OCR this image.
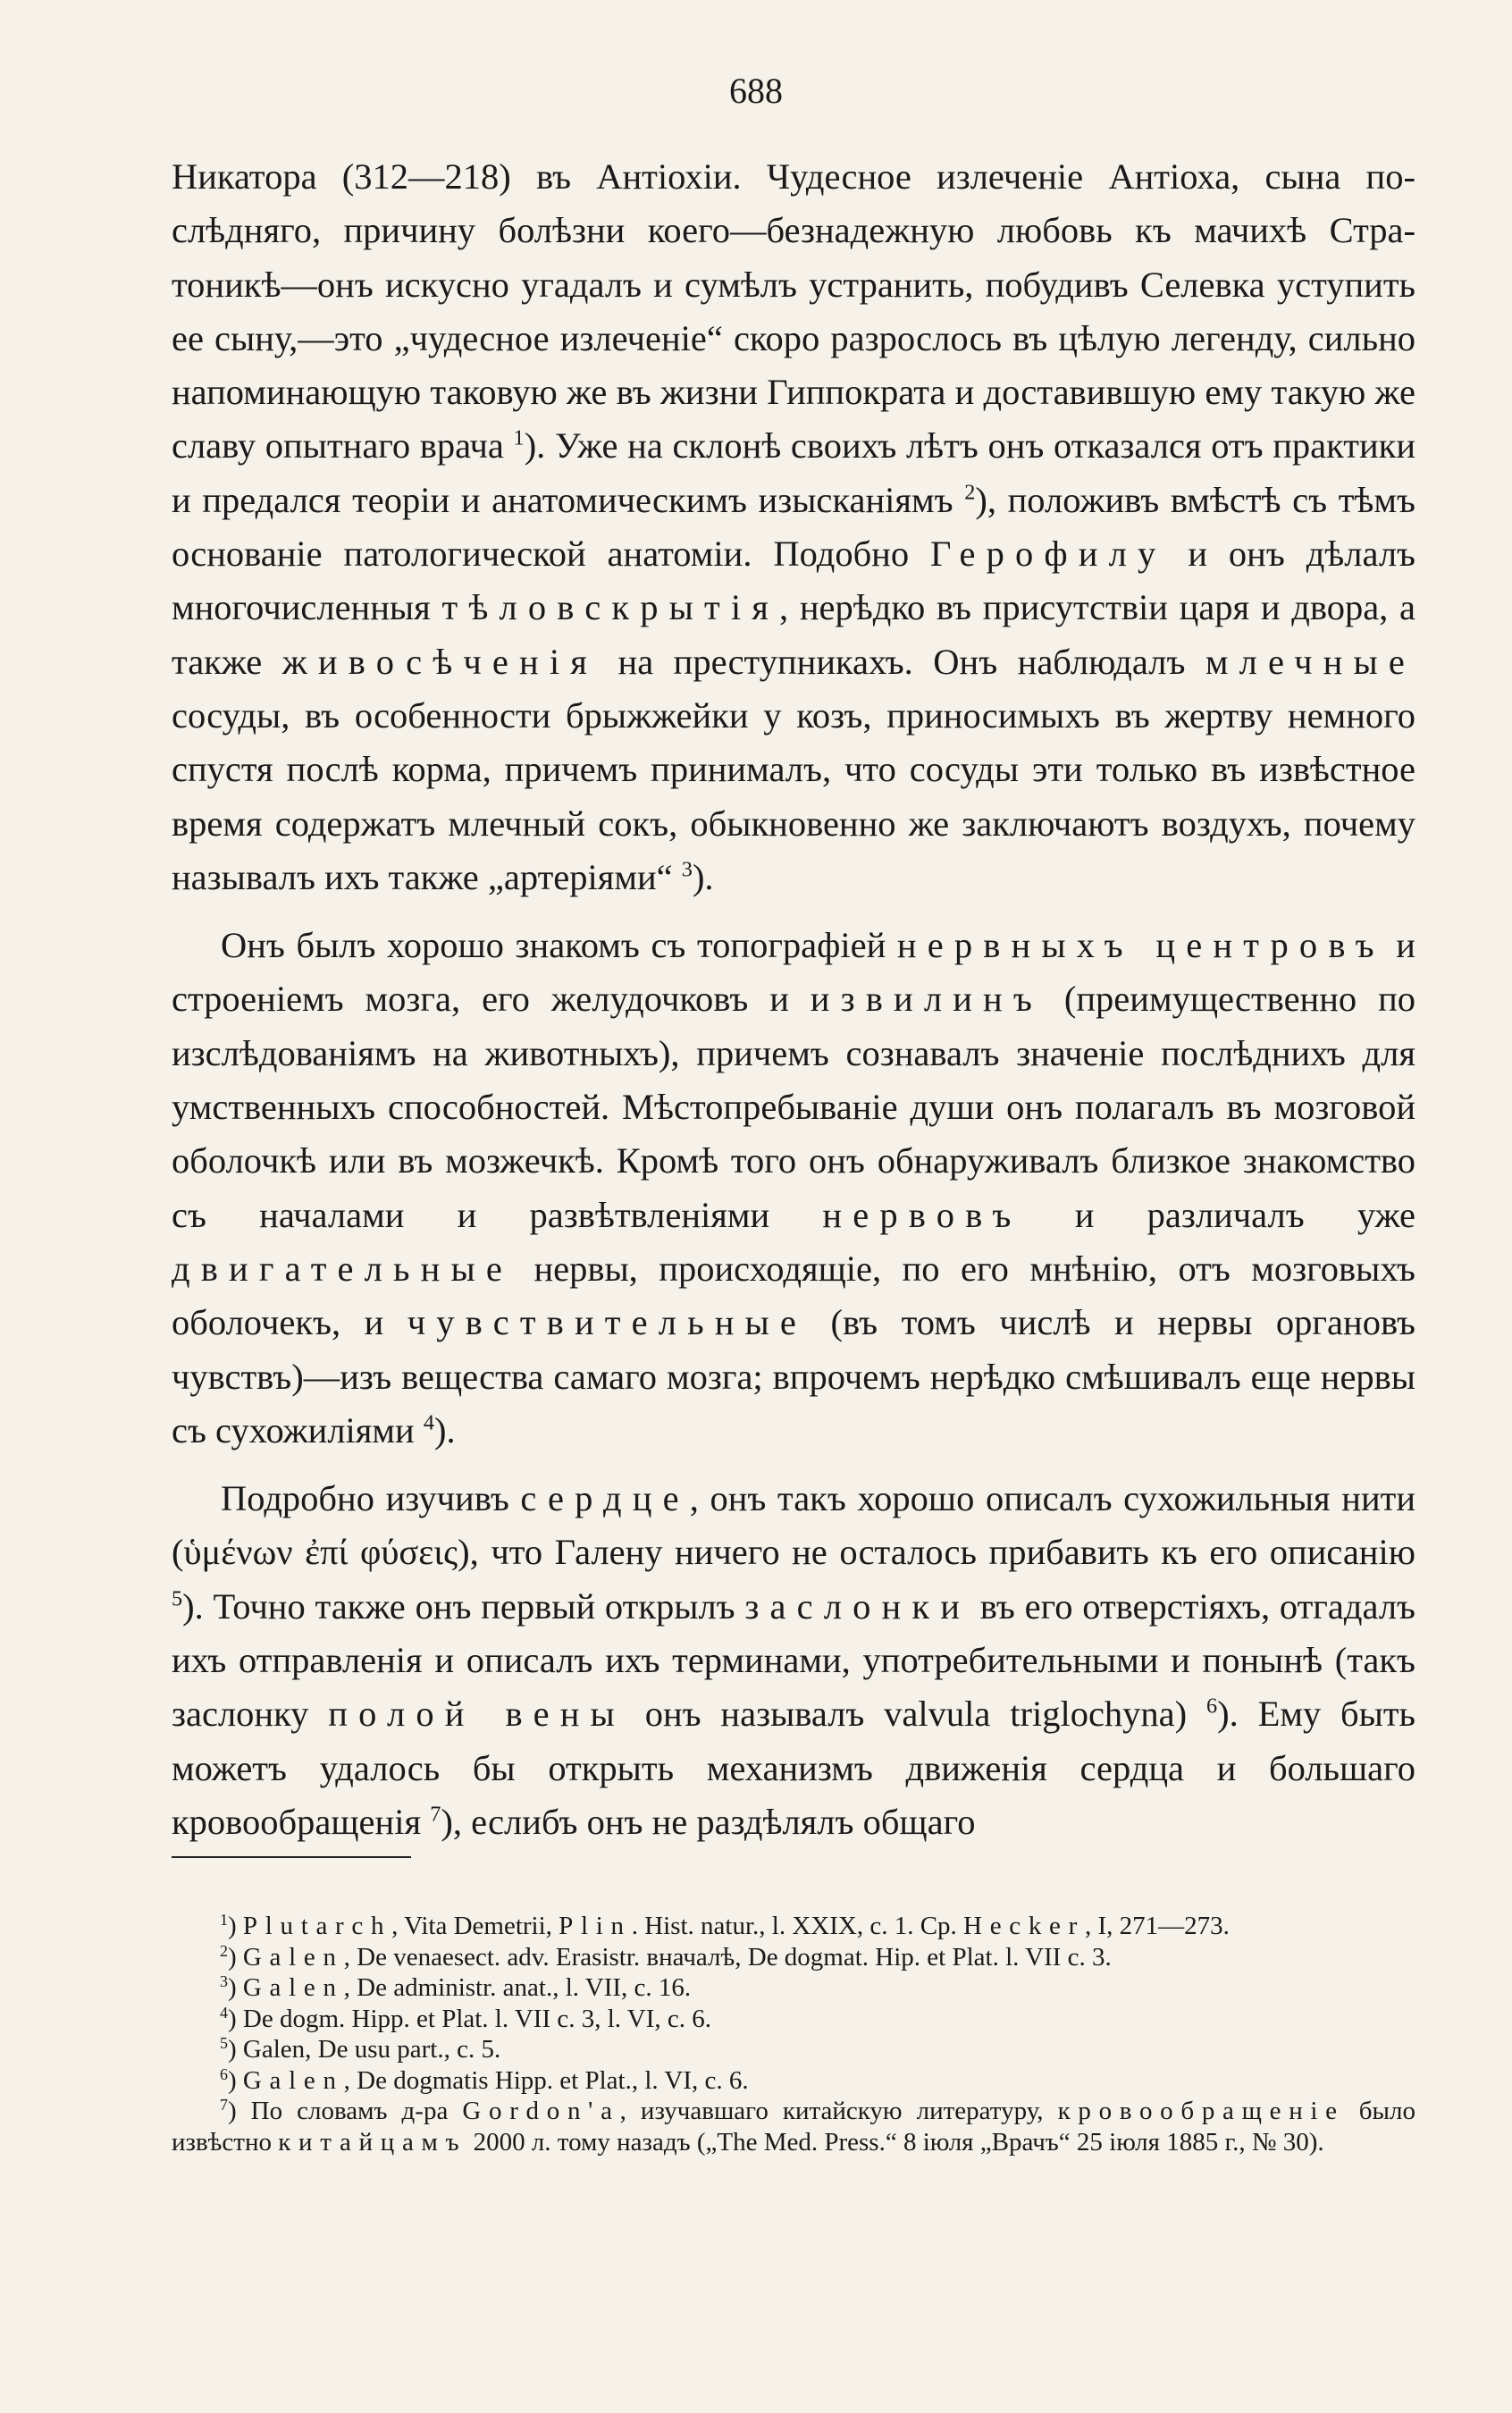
688

Никатора (312—218) въ Антіохіи. Чудесное излеченіе Антіоха, сына послѣдняго, причину болѣзни коего—безнадежную любовь къ мачихѣ Стратоникѣ—онъ искусно угадалъ и сумѣлъ устранить, побудивъ Селевка уступить ее сыну,—это „чудесное излеченіе“ скоро разрослось въ цѣлую легенду, сильно напоминающую таковую же въ жизни Гиппократа и доставившую ему такую же славу опытнаго врача $^1$). Уже на склонѣ своихъ лѣтъ онъ отказался отъ практики и предался теоріи и анатомическимъ изысканіямъ $^2$), положивъ вмѣстѣ съ тѣмъ основаніе патологической анатоміи. Подобно Герофилу и онъ дѣлалъ многочисленныя тѣловскрытія, нерѣдко въ присутствіи царя и двора, а также живосѣченія на преступникахъ. Онъ наблюдалъ млечные сосуды, въ особенности брыжжейки у козъ, приносимыхъ въ жертву немного спустя послѣ корма, причемъ принималъ, что сосуды эти только въ извѣстное время содержатъ млечный сокъ, обыкновенно же заключаютъ воздухъ, почему называлъ ихъ также „артеріями“ $^3$).

Онъ былъ хорошо знакомъ съ топографіей нервныхъ центровъ и строеніемъ мозга, его желудочковъ и извилинъ (преимущественно по изслѣдованіямъ на животныхъ), причемъ сознавалъ значеніе послѣднихъ для умственныхъ способностей. Мѣстопребываніе души онъ полагалъ въ мозговой оболочкѣ или въ мозжечкѣ. Кромѣ того онъ обнаруживалъ близкое знакомство съ началами и развѣтвленіями нервовъ и различалъ уже двигательные нервы, происходящіе, по его мнѣнію, отъ мозговыхъ оболочекъ, и чувствительные (въ томъ числѣ и нервы органовъ чувствъ)—изъ вещества самаго мозга; впрочемъ нерѣдко смѣшивалъ еще нервы съ сухожиліями $^4$).

Подробно изучивъ сердце, онъ такъ хорошо описалъ сухожильныя нити (ὑμένων ἐπί φύσεις), что Галену ничего не осталось прибавить къ его описанію $^5$). Точно также онъ первый открылъ заслонки въ его отверстіяхъ, отгадалъ ихъ отправленія и описалъ ихъ терминами, употребительными и понынѣ (такъ заслонку полой вены онъ называлъ valvula triglochyna) $^6$). Ему быть можетъ удалось бы открыть механизмъ движенія сердца и большаго кровообращенія $^7$), еслибъ онъ не раздѣлялъ общаго

$^1$) Plutarch, Vita Demetrii, Plin. Hist. natur., l. XXIX, c. 1. Cp. Hecker, I, 271—273.

$^2$) Galen, De venaesect. adv. Erasistr. вначалѣ, De dogmat. Hip. et Plat. l. VII c. 3.

$^3$) Galen, De administr. anat., l. VII, c. 16.

$^4$) De dogm. Hipp. et Plat. l. VII c. 3, l. VI, c. 6.

$^5$) Galen, De usu part., c. 5.

$^6$) Galen, De dogmatis Hipp. et Plat., l. VI, c. 6.

$^7$) По словамъ д-ра Gordon'а, изучавшаго китайскую литературу, кровообращеніе было извѣстно китайцамъ 2000 л. тому назадъ („The Med. Press.“ 8 іюля „Врачъ“ 25 іюля 1885 г., № 30).
